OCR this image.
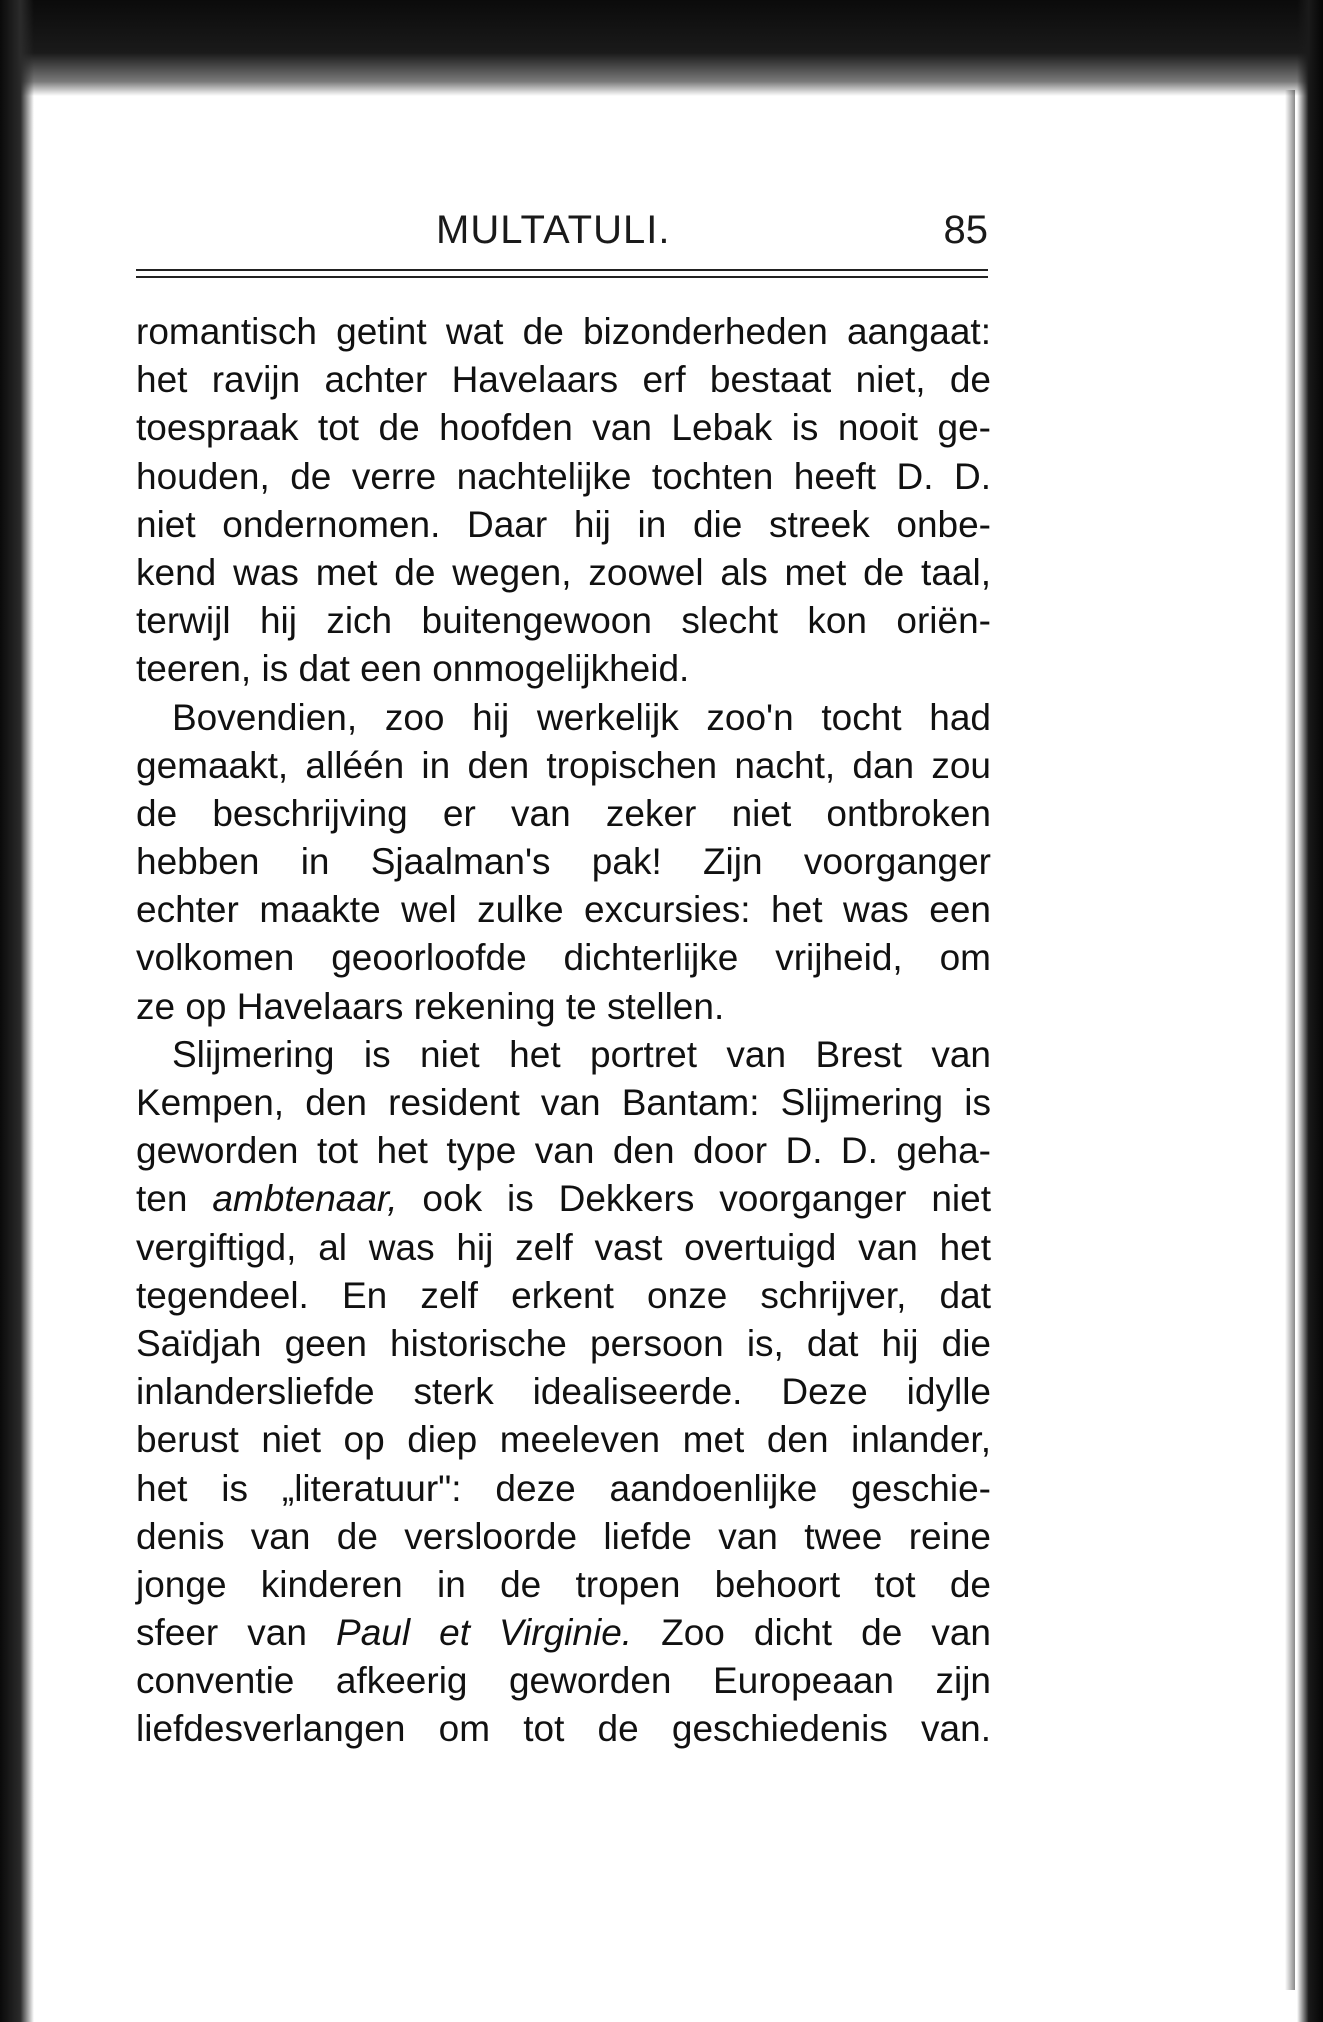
MULTATULI.	85
romantisch getint wat de bizonderheden aangaat:
het ravijn achter Havelaars erf bestaat niet, de
toespraak tot de hoofden van Lebak is nooit ge-
houden, de verre nachtelijke tochten heeft D. D.
niet ondernomen. Daar hij in die streek onbe-
kend was met de wegen, zoowel als met de taal,
terwijl hij zich buitengewoon slecht kon oriën-
teeren, is dat een onmogelijkheid.
Bovendien, zoo hij werkelijk zoo'n tocht had
gemaakt, alléén in den tropischen nacht, dan zou
de beschrijving er van zeker niet ontbroken
hebben in Sjaalman's pak! Zijn voorganger
echter maakte wel zulke excursies: het was een
volkomen geoorloofde dichterlijke vrijheid, om
ze op Havelaars rekening te stellen.
Slijmering is niet het portret van Brest van
Kempen, den resident van Bantam: Slijmering is
geworden tot het type van den door D. D. geha-
ten ambtenaar, ook is Dekkers voorganger niet
vergiftigd, al was hij zelf vast overtuigd van het
tegendeel. En zelf erkent onze schrijver, dat
Saïdjah geen historische persoon is, dat hij die
inlandersliefde sterk idealiseerde. Deze idylle
berust niet op diep meeleven met den inlander,
het is „literatuur": deze aandoenlijke geschie-
denis van de versloorde liefde van twee reine
jonge kinderen in de tropen behoort tot de
sfeer van Paul et Virginie. Zoo dicht de van
conventie afkeerig geworden Europeaan zijn
liefdesverlangen om tot de geschiedenis van.
